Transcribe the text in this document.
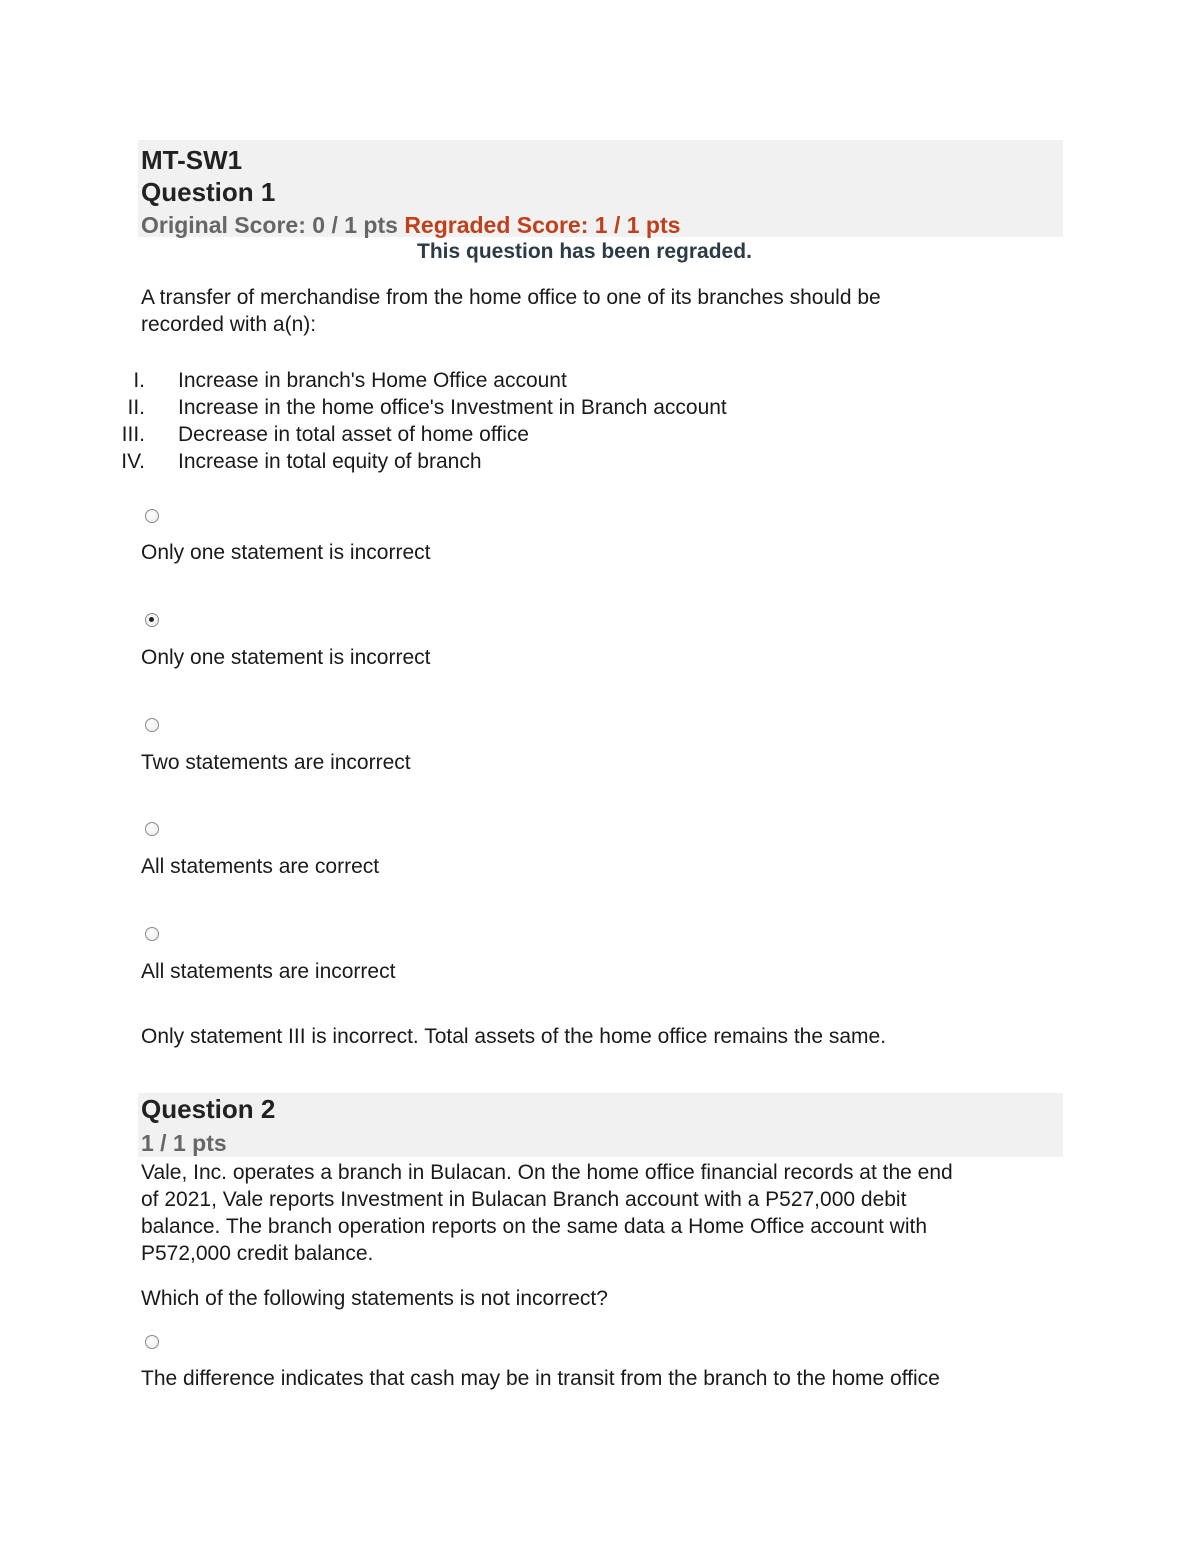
MT-SW1
Question 1
Original Score: 0 / 1 pts Regraded Score: 1 / 1 pts
This question has been regraded.
A transfer of merchandise from the home office to one of its branches should be
recorded with a(n):
I. Increase in branch's Home Office account
II. Increase in the home office's Investment in Branch account
III. Decrease in total asset of home office
IV. Increase in total equity of branch
Only one statement is incorrect
Only one statement is incorrect
Two statements are incorrect
All statements are correct
All statements are incorrect
Only statement III is incorrect. Total assets of the home office remains the same.
Question 2
1 / 1 pts
Vale, Inc. operates a branch in Bulacan. On the home office financial records at the end
of 2021, Vale reports Investment in Bulacan Branch account with a P527,000 debit
balance. The branch operation reports on the same data a Home Office account with
P572,000 credit balance.
Which of the following statements is not incorrect?
The difference indicates that cash may be in transit from the branch to the home office
